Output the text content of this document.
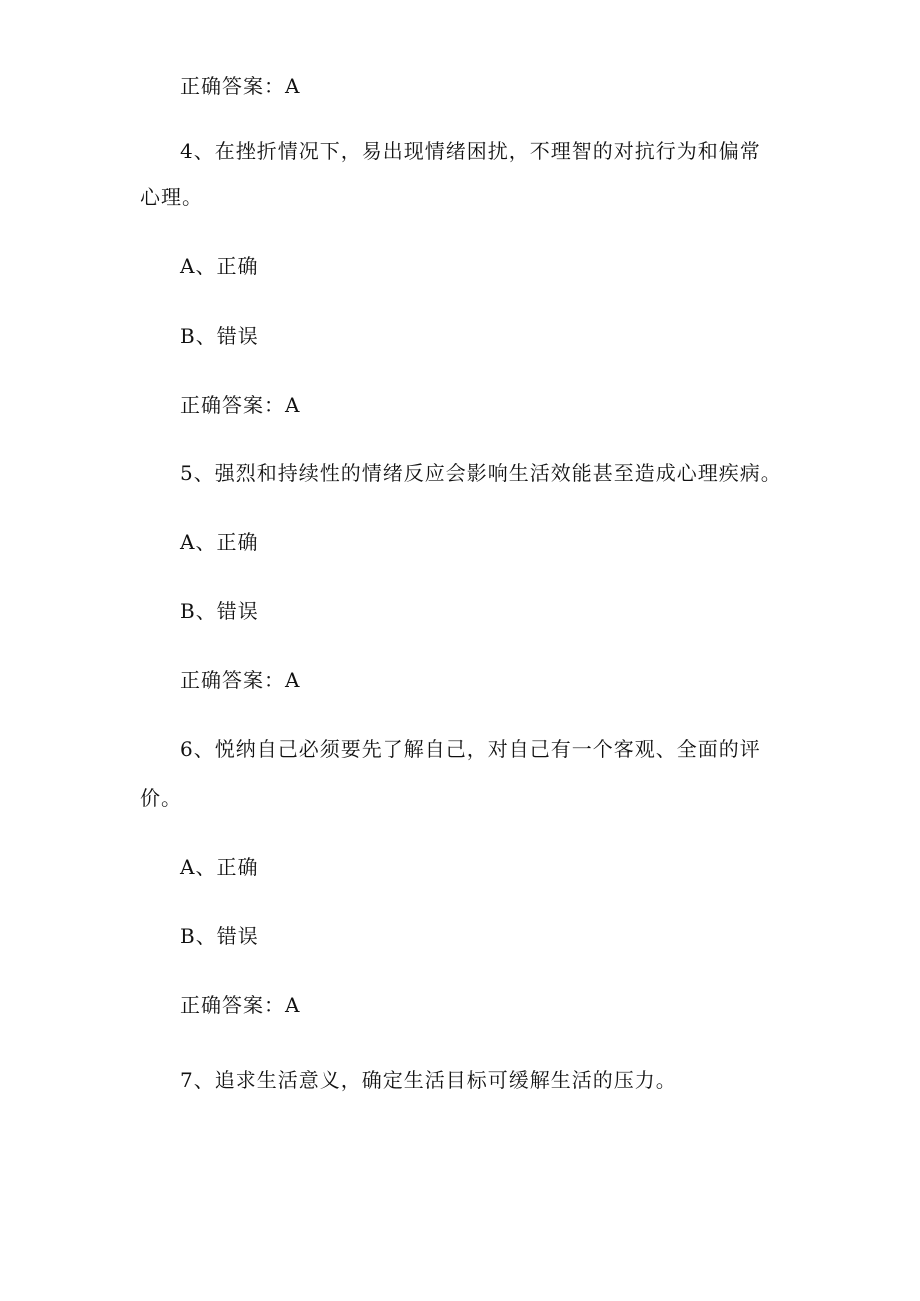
正确答案：A
4、在挫折情况下，易出现情绪困扰，不理智的对抗行为和偏常
心理。
A、正确
B、错误
正确答案：A
5、强烈和持续性的情绪反应会影响生活效能甚至造成心理疾病。
A、正确
B、错误
正确答案：A
6、悦纳自己必须要先了解自己，对自己有一个客观、全面的评
价。
A、正确
B、错误
正确答案：A
7、追求生活意义，确定生活目标可缓解生活的压力。
